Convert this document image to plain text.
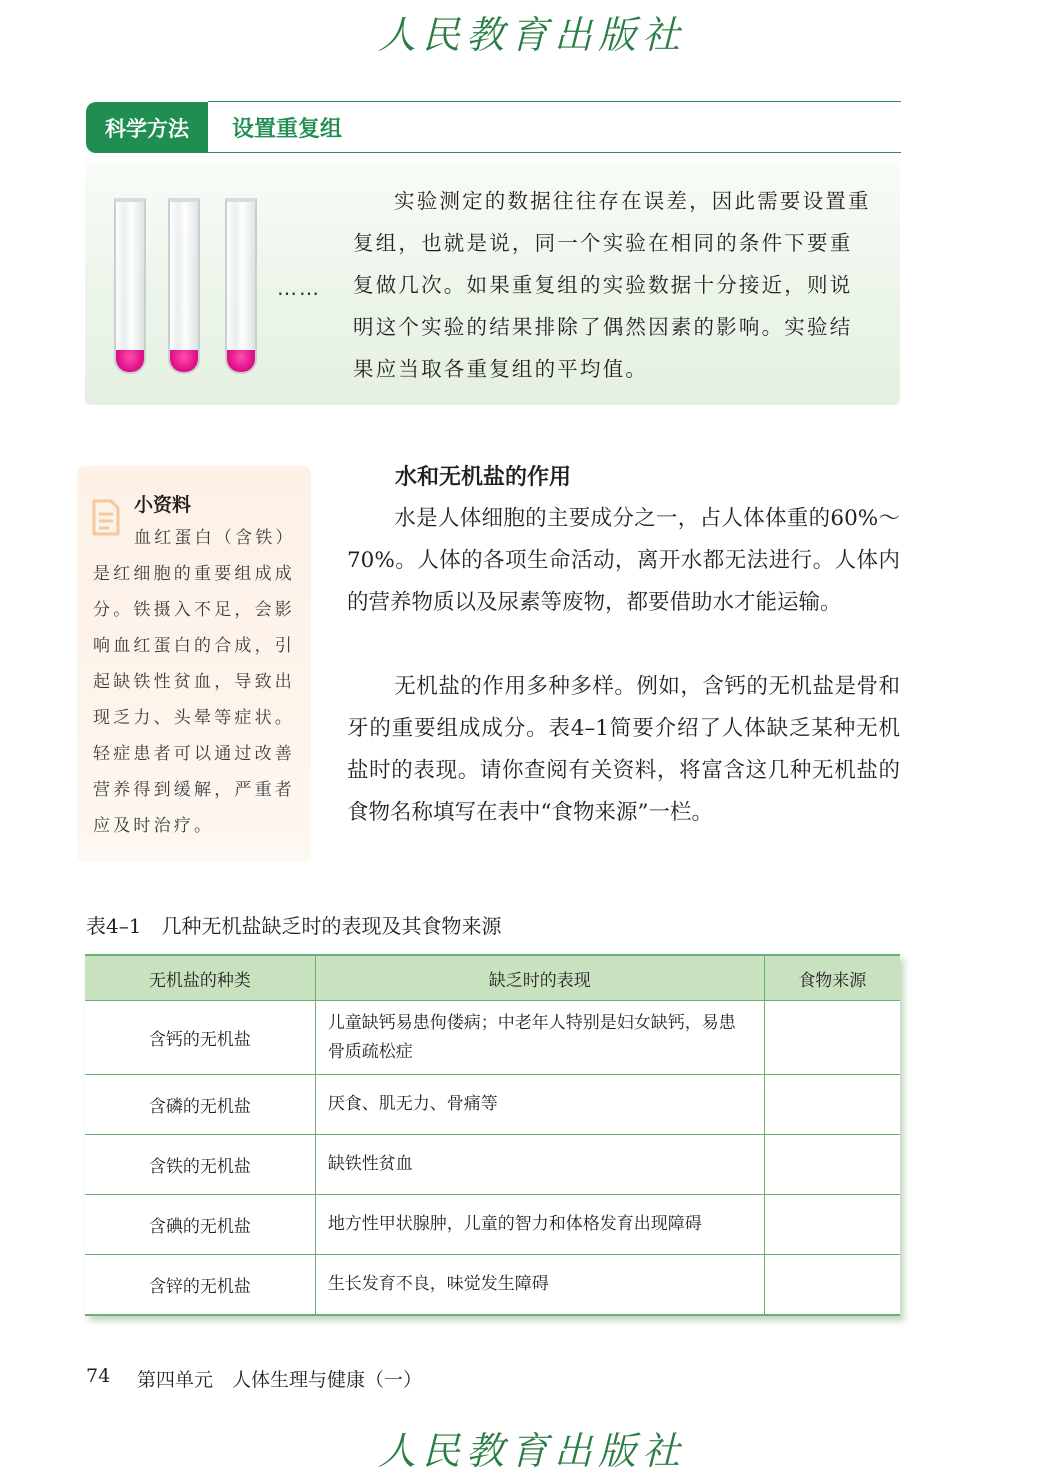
人民教育出版社
科学方法	设置重复组
……
实验测定的数据往往存在误差，因此需要设置重复组，也就是说，同一个实验在相同的条件下要重复做几次。如果重复组的实验数据十分接近，则说明这个实验的结果排除了偶然因素的影响。实验结果应当取各重复组的平均值。
小资料
血红蛋白（含铁）是红细胞的重要组成成分。铁摄入不足，会影响血红蛋白的合成，引起缺铁性贫血，导致出现乏力、头晕等症状。轻症患者可以通过改善营养得到缓解，严重者应及时治疗。
水和无机盐的作用
水是人体细胞的主要成分之一，占人体体重的60%～70%。人体的各项生命活动，离开水都无法进行。人体内的营养物质以及尿素等废物，都要借助水才能运输。
无机盐的作用多种多样。例如，含钙的无机盐是骨和牙的重要组成成分。表4–1简要介绍了人体缺乏某种无机盐时的表现。请你查阅有关资料，将富含这几种无机盐的食物名称填写在表中“食物来源”一栏。
表4–1　几种无机盐缺乏时的表现及其食物来源
无机盐的种类	缺乏时的表现	食物来源
含钙的无机盐	儿童缺钙易患佝偻病；中老年人特别是妇女缺钙，易患骨质疏松症	
含磷的无机盐	厌食、肌无力、骨痛等	
含铁的无机盐	缺铁性贫血	
含碘的无机盐	地方性甲状腺肿，儿童的智力和体格发育出现障碍	
含锌的无机盐	生长发育不良，味觉发生障碍	
74 第四单元　人体生理与健康（一）
人民教育出版社
